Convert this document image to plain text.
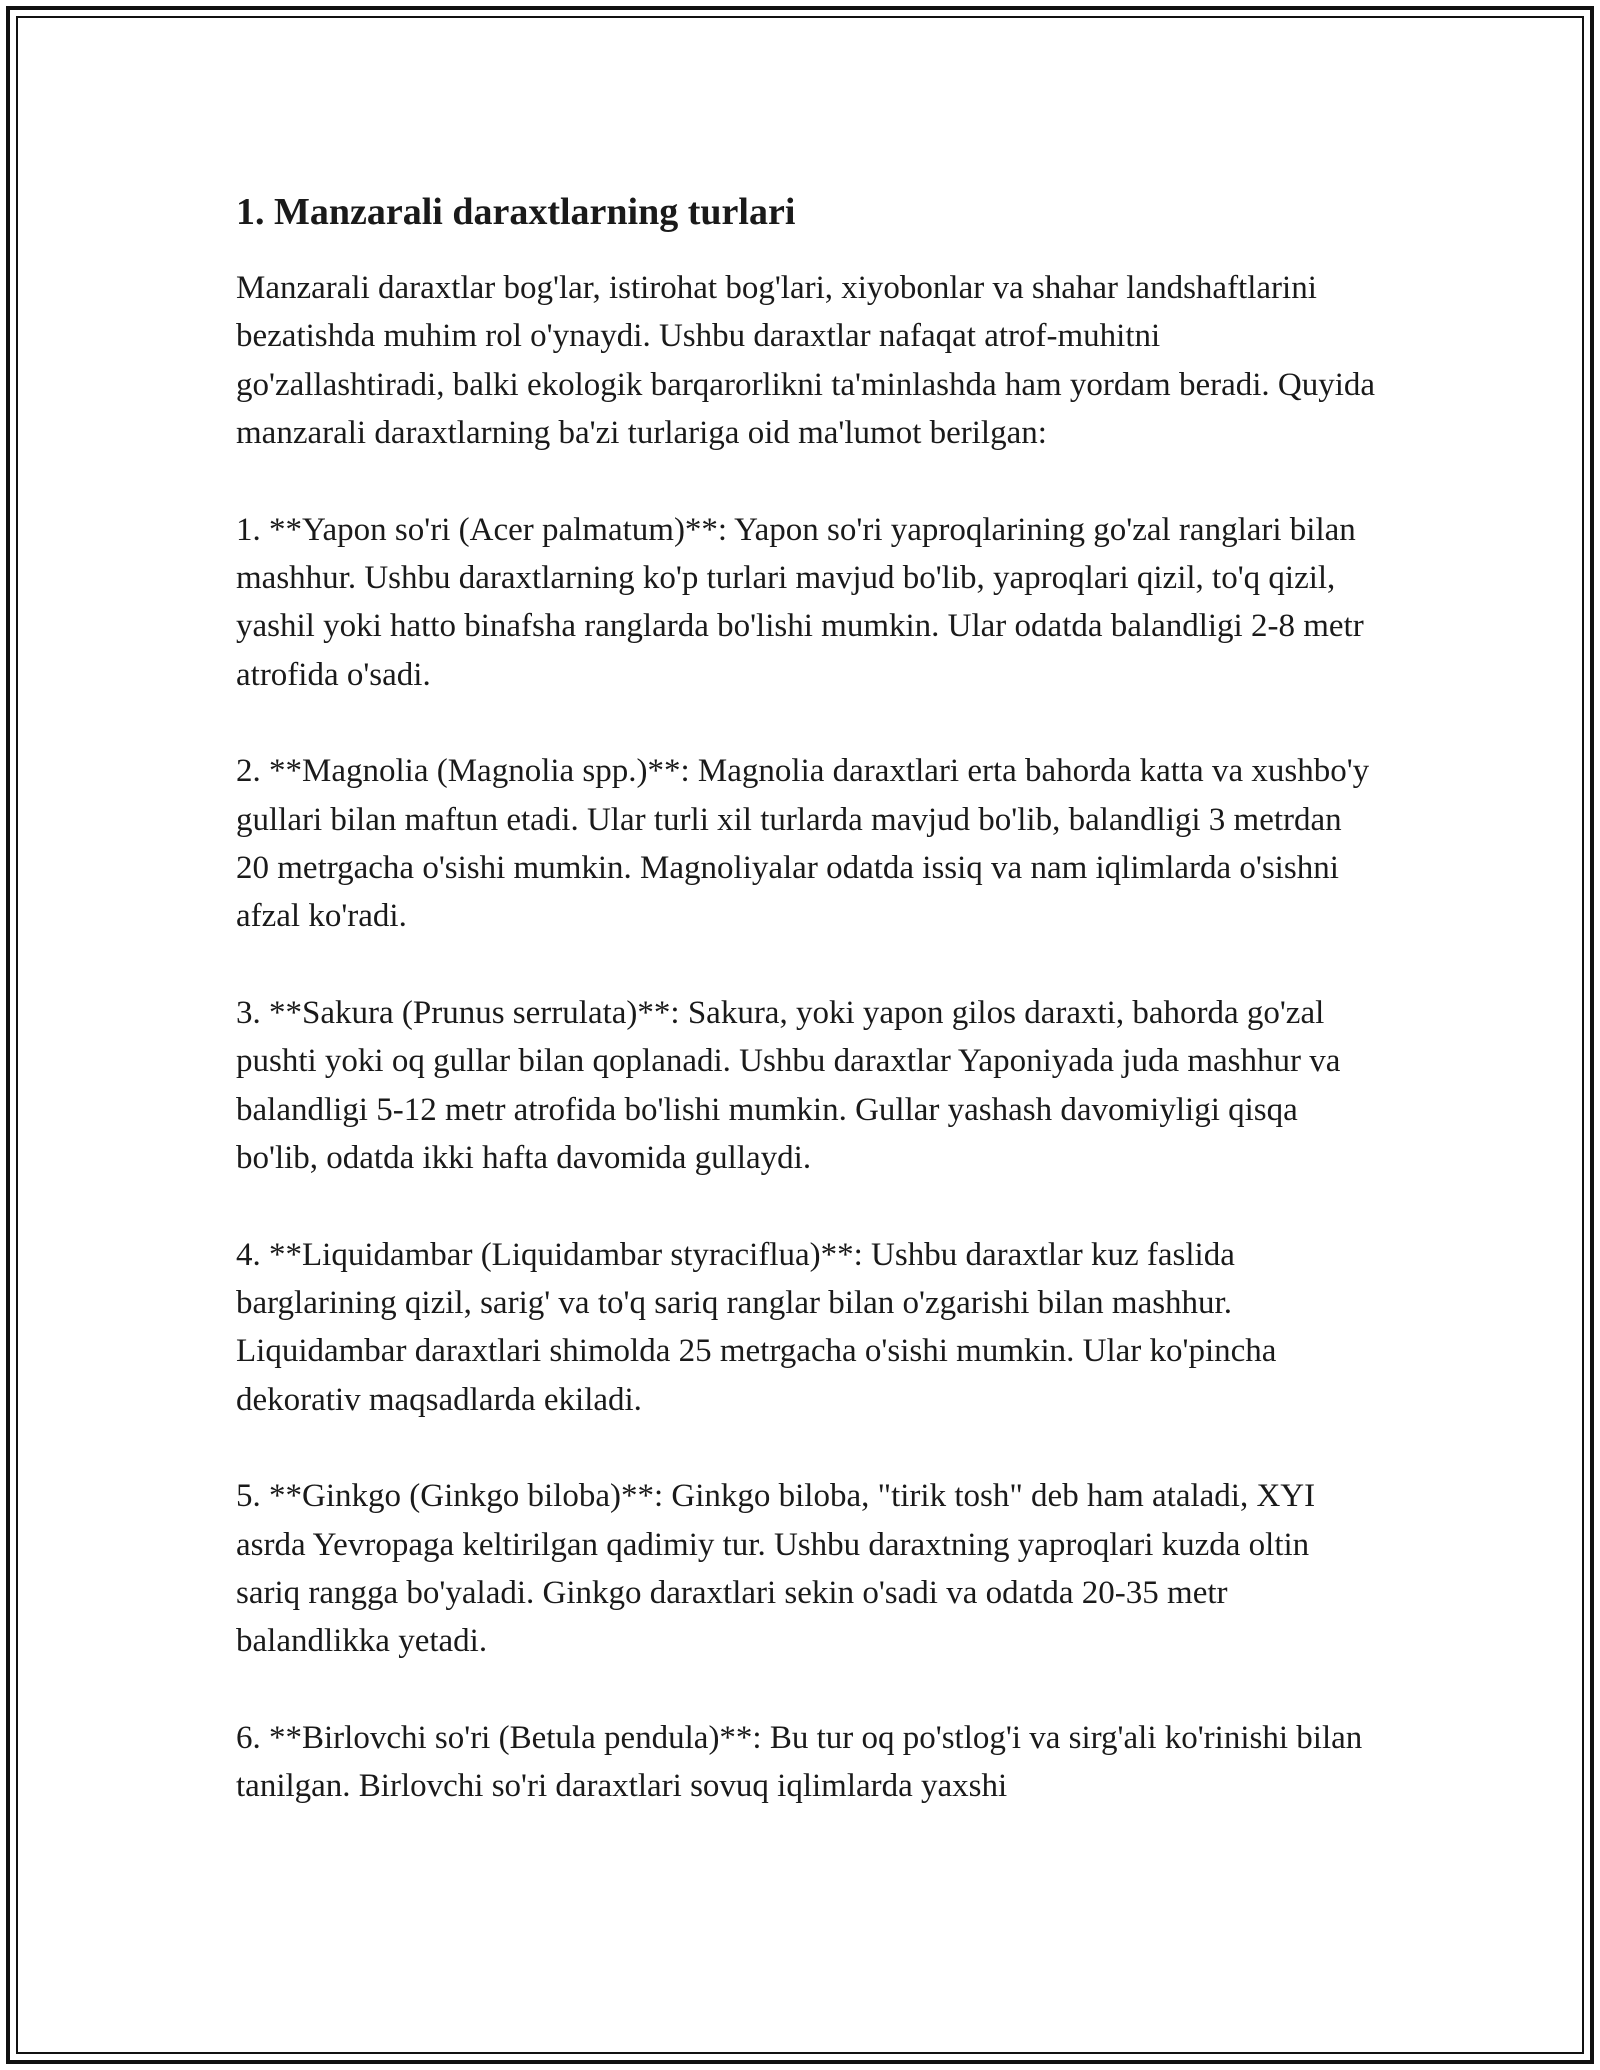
1. Manzarali daraxtlarning turlari

Manzarali daraxtlar bog'lar, istirohat bog'lari, xiyobonlar va shahar landshaftlarini bezatishda muhim rol o'ynaydi. Ushbu daraxtlar nafaqat atrof-muhitni go'zallashtiradi, balki ekologik barqarorlikni ta'minlashda ham yordam beradi. Quyida manzarali daraxtlarning ba'zi turlariga oid ma'lumot berilgan:

1. **Yapon so'ri (Acer palmatum)**: Yapon so'ri yaproqlarining go'zal ranglari bilan mashhur. Ushbu daraxtlarning ko'p turlari mavjud bo'lib, yaproqlari qizil, to'q qizil, yashil yoki hatto binafsha ranglarda bo'lishi mumkin. Ular odatda balandligi 2-8 metr atrofida o'sadi.

2. **Magnolia (Magnolia spp.)**: Magnolia daraxtlari erta bahorda katta va xushbo'y gullari bilan maftun etadi. Ular turli xil turlarda mavjud bo'lib, balandligi 3 metrdan 20 metrgacha o'sishi mumkin. Magnoliyalar odatda issiq va nam iqlimlarda o'sishni afzal ko'radi.

3. **Sakura (Prunus serrulata)**: Sakura, yoki yapon gilos daraxti, bahorda go'zal pushti yoki oq gullar bilan qoplanadi. Ushbu daraxtlar Yaponiyada juda mashhur va balandligi 5-12 metr atrofida bo'lishi mumkin. Gullar yashash davomiyligi qisqa bo'lib, odatda ikki hafta davomida gullaydi.

4. **Liquidambar (Liquidambar styraciflua)**: Ushbu daraxtlar kuz faslida barglarining qizil, sarig' va to'q sariq ranglar bilan o'zgarishi bilan mashhur. Liquidambar daraxtlari shimolda 25 metrgacha o'sishi mumkin. Ular ko'pincha dekorativ maqsadlarda ekiladi.

5. **Ginkgo (Ginkgo biloba)**: Ginkgo biloba, "tirik tosh" deb ham ataladi, XYI asrda Yevropaga keltirilgan qadimiy tur. Ushbu daraxtning yaproqlari kuzda oltin sariq rangga bo'yaladi. Ginkgo daraxtlari sekin o'sadi va odatda 20-35 metr balandlikka yetadi.

6. **Birlovchi so'ri (Betula pendula)**: Bu tur oq po'stlog'i va sirg'ali ko'rinishi bilan tanilgan. Birlovchi so'ri daraxtlari sovuq iqlimlarda yaxshi
